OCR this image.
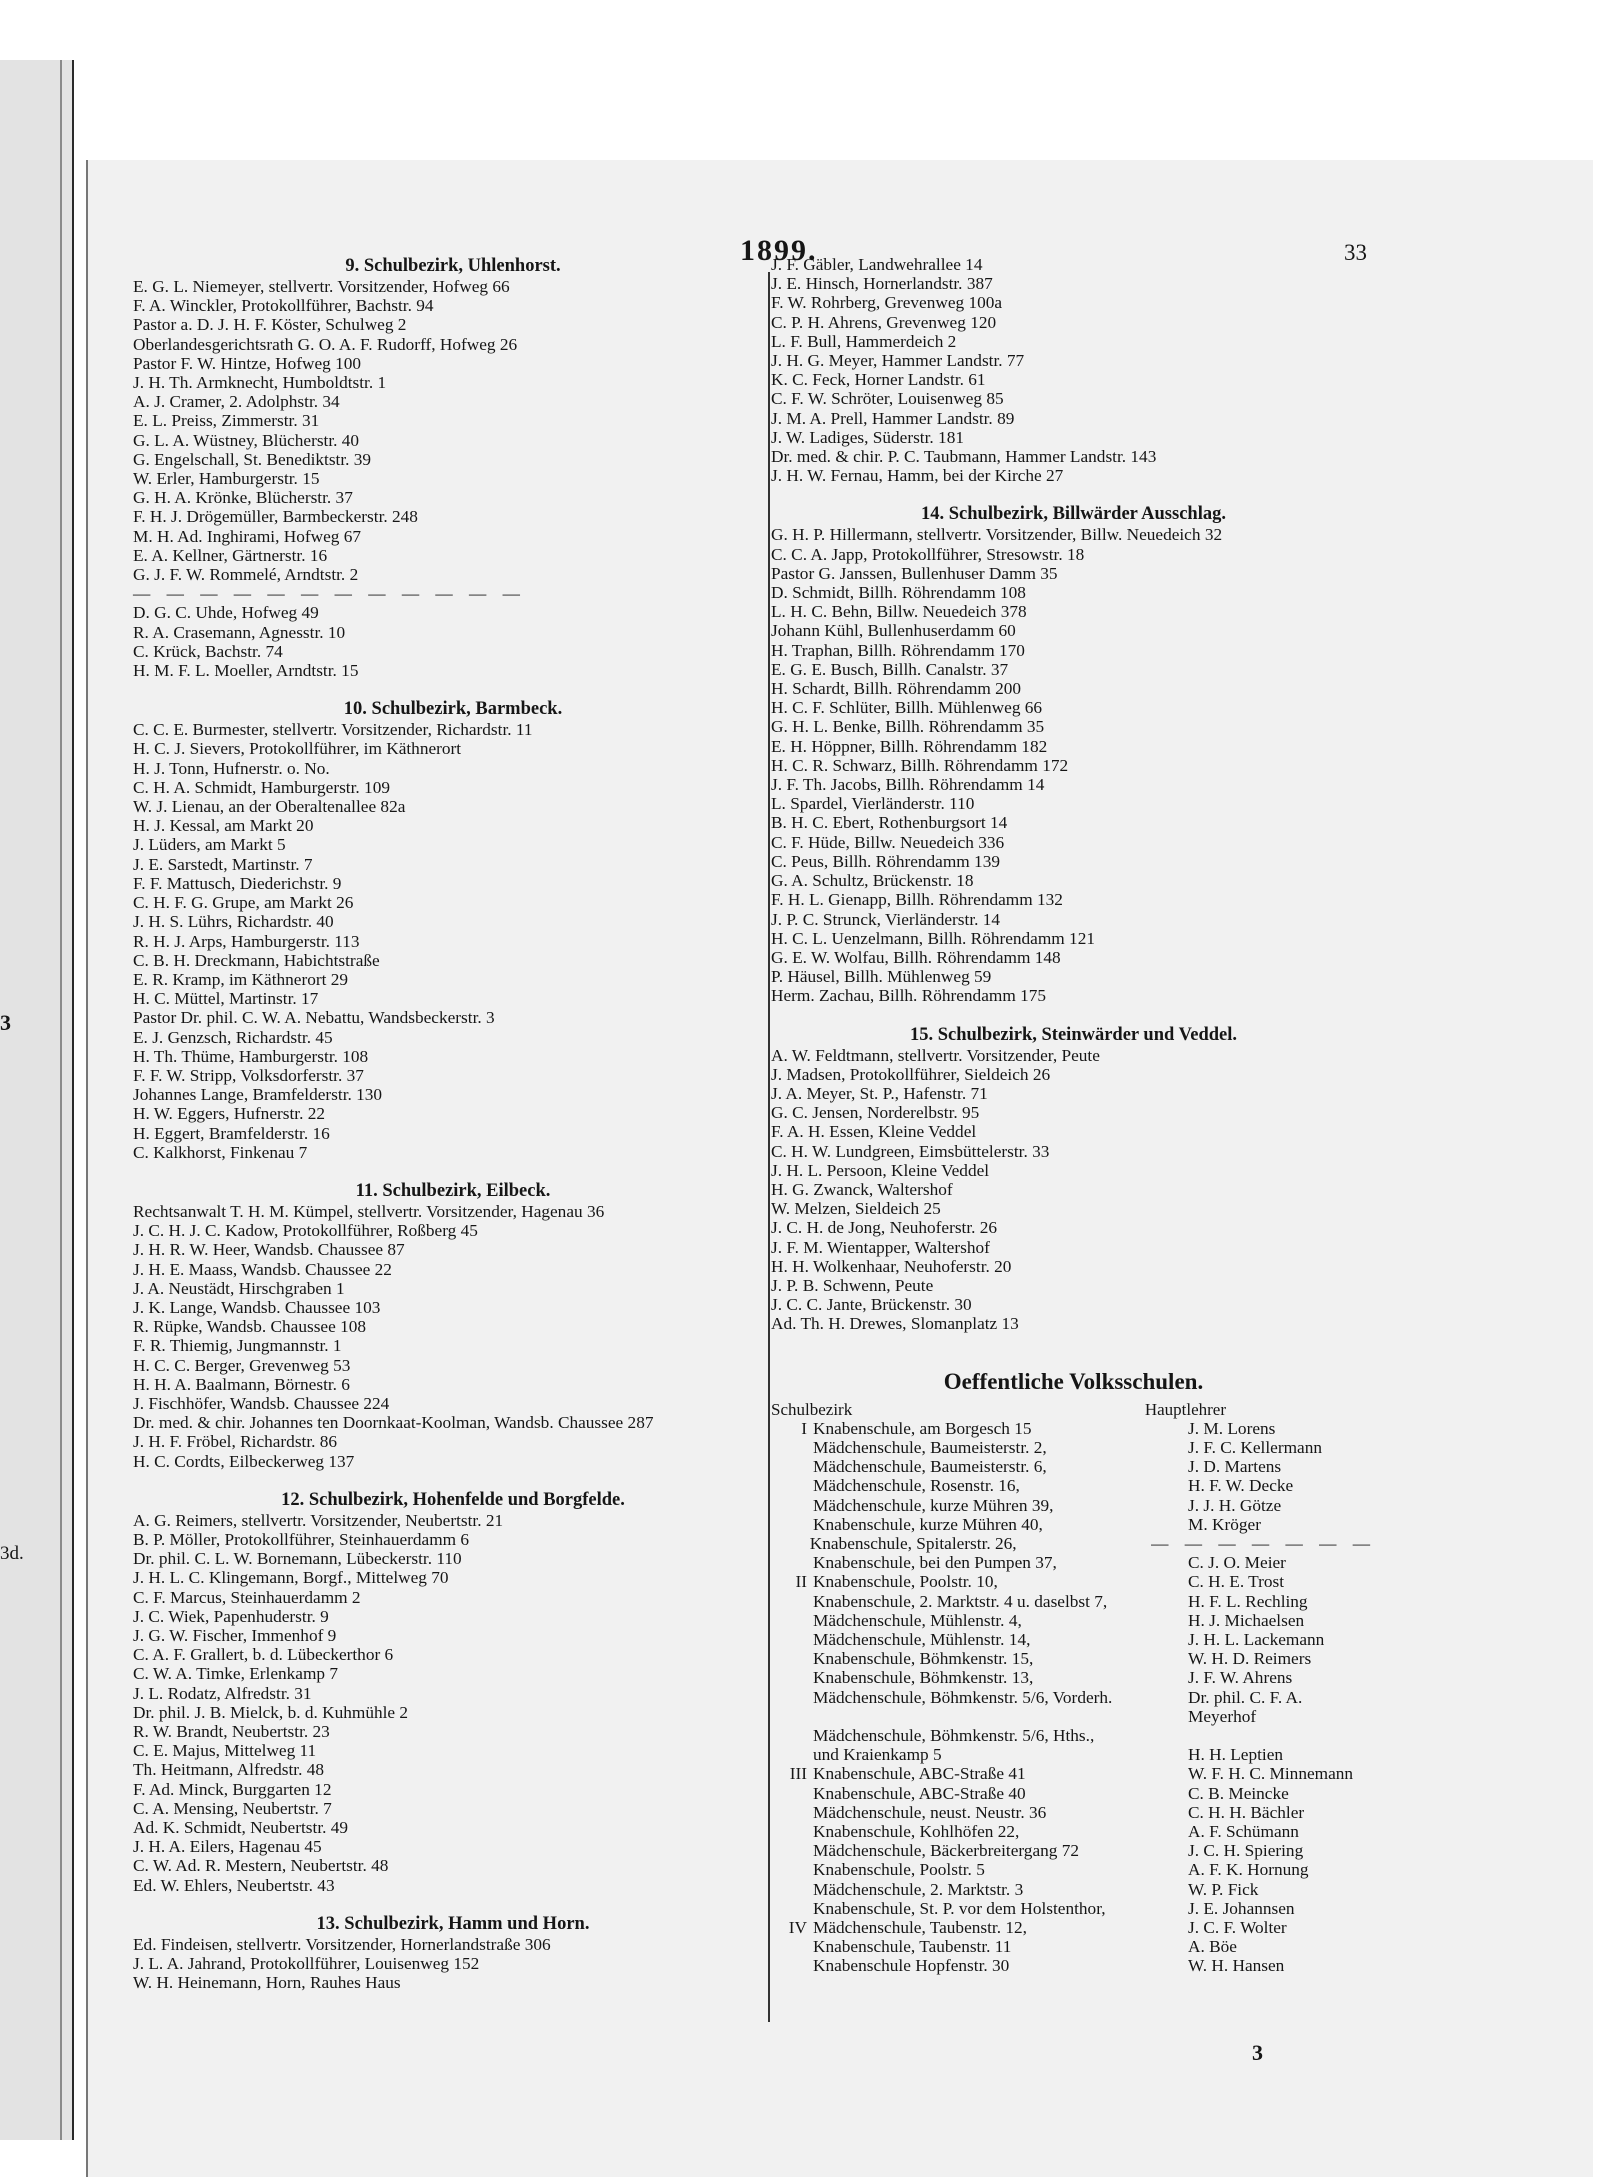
3
3d.
1899.	33
9. Schulbezirk, Uhlenhorst.
E. G. L. Niemeyer, stellvertr. Vorsitzender, Hofweg 66
F. A. Winckler, Protokollführer, Bachstr. 94
Pastor a. D. J. H. F. Köster, Schulweg 2
Oberlandesgerichtsrath G. O. A. F. Rudorff, Hofweg 26
Pastor F. W. Hintze, Hofweg 100
J. H. Th. Armknecht, Humboldtstr. 1
A. J. Cramer, 2. Adolphstr. 34
E. L. Preiss, Zimmerstr. 31
G. L. A. Wüstney, Blücherstr. 40
G. Engelschall, St. Benediktstr. 39
W. Erler, Hamburgerstr. 15
G. H. A. Krönke, Blücherstr. 37
F. H. J. Drögemüller, Barmbeckerstr. 248
M. H. Ad. Inghirami, Hofweg 67
E. A. Kellner, Gärtnerstr. 16
G. J. F. W. Rommelé, Arndtstr. 2
— — — — — — — — — — — —
D. G. C. Uhde, Hofweg 49
R. A. Crasemann, Agnesstr. 10
C. Krück, Bachstr. 74
H. M. F. L. Moeller, Arndtstr. 15
10. Schulbezirk, Barmbeck.
C. C. E. Burmester, stellvertr. Vorsitzender, Richardstr. 11
H. C. J. Sievers, Protokollführer, im Käthnerort
H. J. Tonn, Hufnerstr. o. No.
C. H. A. Schmidt, Hamburgerstr. 109
W. J. Lienau, an der Oberaltenallee 82a
H. J. Kessal, am Markt 20
J. Lüders, am Markt 5
J. E. Sarstedt, Martinstr. 7
F. F. Mattusch, Diederichstr. 9
C. H. F. G. Grupe, am Markt 26
J. H. S. Lührs, Richardstr. 40
R. H. J. Arps, Hamburgerstr. 113
C. B. H. Dreckmann, Habichtstraße
E. R. Kramp, im Käthnerort 29
H. C. Müttel, Martinstr. 17
Pastor Dr. phil. C. W. A. Nebattu, Wandsbeckerstr. 3
E. J. Genzsch, Richardstr. 45
H. Th. Thüme, Hamburgerstr. 108
F. F. W. Stripp, Volksdorferstr. 37
Johannes Lange, Bramfelderstr. 130
H. W. Eggers, Hufnerstr. 22
H. Eggert, Bramfelderstr. 16
C. Kalkhorst, Finkenau 7
11. Schulbezirk, Eilbeck.
Rechtsanwalt T. H. M. Kümpel, stellvertr. Vorsitzender, Hagenau 36
J. C. H. J. C. Kadow, Protokollführer, Roßberg 45
J. H. R. W. Heer, Wandsb. Chaussee 87
J. H. E. Maass, Wandsb. Chaussee 22
J. A. Neustädt, Hirschgraben 1
J. K. Lange, Wandsb. Chaussee 103
R. Rüpke, Wandsb. Chaussee 108
F. R. Thiemig, Jungmannstr. 1
H. C. C. Berger, Grevenweg 53
H. H. A. Baalmann, Börnestr. 6
J. Fischhöfer, Wandsb. Chaussee 224
Dr. med. & chir. Johannes ten Doornkaat-Koolman, Wandsb. Chaussee 287
J. H. F. Fröbel, Richardstr. 86
H. C. Cordts, Eilbeckerweg 137
12. Schulbezirk, Hohenfelde und Borgfelde.
A. G. Reimers, stellvertr. Vorsitzender, Neubertstr. 21
B. P. Möller, Protokollführer, Steinhauerdamm 6
Dr. phil. C. L. W. Bornemann, Lübeckerstr. 110
J. H. L. C. Klingemann, Borgf., Mittelweg 70
C. F. Marcus, Steinhauerdamm 2
J. C. Wiek, Papenhuderstr. 9
J. G. W. Fischer, Immenhof 9
C. A. F. Grallert, b. d. Lübeckerthor 6
C. W. A. Timke, Erlenkamp 7
J. L. Rodatz, Alfredstr. 31
Dr. phil. J. B. Mielck, b. d. Kuhmühle 2
R. W. Brandt, Neubertstr. 23
C. E. Majus, Mittelweg 11
Th. Heitmann, Alfredstr. 48
F. Ad. Minck, Burggarten 12
C. A. Mensing, Neubertstr. 7
Ad. K. Schmidt, Neubertstr. 49
J. H. A. Eilers, Hagenau 45
C. W. Ad. R. Mestern, Neubertstr. 48
Ed. W. Ehlers, Neubertstr. 43
13. Schulbezirk, Hamm und Horn.
Ed. Findeisen, stellvertr. Vorsitzender, Hornerlandstraße 306
J. L. A. Jahrand, Protokollführer, Louisenweg 152
W. H. Heinemann, Horn, Rauhes Haus
J. F. Gäbler, Landwehrallee 14
J. E. Hinsch, Hornerlandstr. 387
F. W. Rohrberg, Grevenweg 100a
C. P. H. Ahrens, Grevenweg 120
L. F. Bull, Hammerdeich 2
J. H. G. Meyer, Hammer Landstr. 77
K. C. Feck, Horner Landstr. 61
C. F. W. Schröter, Louisenweg 85
J. M. A. Prell, Hammer Landstr. 89
J. W. Ladiges, Süderstr. 181
Dr. med. & chir. P. C. Taubmann, Hammer Landstr. 143
J. H. W. Fernau, Hamm, bei der Kirche 27
14. Schulbezirk, Billwärder Ausschlag.
G. H. P. Hillermann, stellvertr. Vorsitzender, Billw. Neuedeich 32
C. C. A. Japp, Protokollführer, Stresowstr. 18
Pastor G. Janssen, Bullenhuser Damm 35
D. Schmidt, Billh. Röhrendamm 108
L. H. C. Behn, Billw. Neuedeich 378
Johann Kühl, Bullenhuserdamm 60
H. Traphan, Billh. Röhrendamm 170
E. G. E. Busch, Billh. Canalstr. 37
H. Schardt, Billh. Röhrendamm 200
H. C. F. Schlüter, Billh. Mühlenweg 66
G. H. L. Benke, Billh. Röhrendamm 35
E. H. Höppner, Billh. Röhrendamm 182
H. C. R. Schwarz, Billh. Röhrendamm 172
J. F. Th. Jacobs, Billh. Röhrendamm 14
L. Spardel, Vierländerstr. 110
B. H. C. Ebert, Rothenburgsort 14
C. F. Hüde, Billw. Neuedeich 336
C. Peus, Billh. Röhrendamm 139
G. A. Schultz, Brückenstr. 18
F. H. L. Gienapp, Billh. Röhrendamm 132
J. P. C. Strunck, Vierländerstr. 14
H. C. L. Uenzelmann, Billh. Röhrendamm 121
G. E. W. Wolfau, Billh. Röhrendamm 148
P. Häusel, Billh. Mühlenweg 59
Herm. Zachau, Billh. Röhrendamm 175
15. Schulbezirk, Steinwärder und Veddel.
A. W. Feldtmann, stellvertr. Vorsitzender, Peute
J. Madsen, Protokollführer, Sieldeich 26
J. A. Meyer, St. P., Hafenstr. 71
G. C. Jensen, Norderelbstr. 95
F. A. H. Essen, Kleine Veddel
C. H. W. Lundgreen, Eimsbüttelerstr. 33
J. H. L. Persoon, Kleine Veddel
H. G. Zwanck, Waltershof
W. Melzen, Sieldeich 25
J. C. H. de Jong, Neuhoferstr. 26
J. F. M. Wientapper, Waltershof
H. H. Wolkenhaar, Neuhoferstr. 20
J. P. B. Schwenn, Peute
J. C. C. Jante, Brückenstr. 30
Ad. Th. H. Drewes, Slomanplatz 13
Oeffentliche Volksschulen.
Schulbezirk	Hauptlehrer
I Knabenschule, am Borgesch 15	J. M. Lorens
Mädchenschule, Baumeisterstr. 2,	J. F. C. Kellermann
Mädchenschule, Baumeisterstr. 6,	J. D. Martens
Mädchenschule, Rosenstr. 16,	H. F. W. Decke
Mädchenschule, kurze Mühren 39,	J. J. H. Götze
Knabenschule, kurze Mühren 40,	M. Kröger
Knabenschule, Spitalerstr. 26,	— — — — — — —
Knabenschule, bei den Pumpen 37,	C. J. O. Meier
II Knabenschule, Poolstr. 10,	C. H. E. Trost
Knabenschule, 2. Marktstr. 4 u. daselbst 7,	H. F. L. Rechling
Mädchenschule, Mühlenstr. 4,	H. J. Michaelsen
Mädchenschule, Mühlenstr. 14,	J. H. L. Lackemann
Knabenschule, Böhmkenstr. 15,	W. H. D. Reimers
Knabenschule, Böhmkenstr. 13,	J. F. W. Ahrens
Mädchenschule, Böhmkenstr. 5/6, Vorderh.	Dr. phil. C. F. A.
Meyerhof
Mädchenschule, Böhmkenstr. 5/6, Hths.,
und Kraienkamp 5	H. H. Leptien
III Knabenschule, ABC-Straße 41	W. F. H. C. Minnemann
Knabenschule, ABC-Straße 40	C. B. Meincke
Mädchenschule, neust. Neustr. 36	C. H. H. Bächler
Knabenschule, Kohlhöfen 22,	A. F. Schümann
Mädchenschule, Bäckerbreitergang 72	J. C. H. Spiering
Knabenschule, Poolstr. 5	A. F. K. Hornung
Mädchenschule, 2. Marktstr. 3	W. P. Fick
Knabenschule, St. P. vor dem Holstenthor,	J. E. Johannsen
IV Mädchenschule, Taubenstr. 12,	J. C. F. Wolter
Knabenschule, Taubenstr. 11	A. Böe
Knabenschule Hopfenstr. 30	W. H. Hansen
3
